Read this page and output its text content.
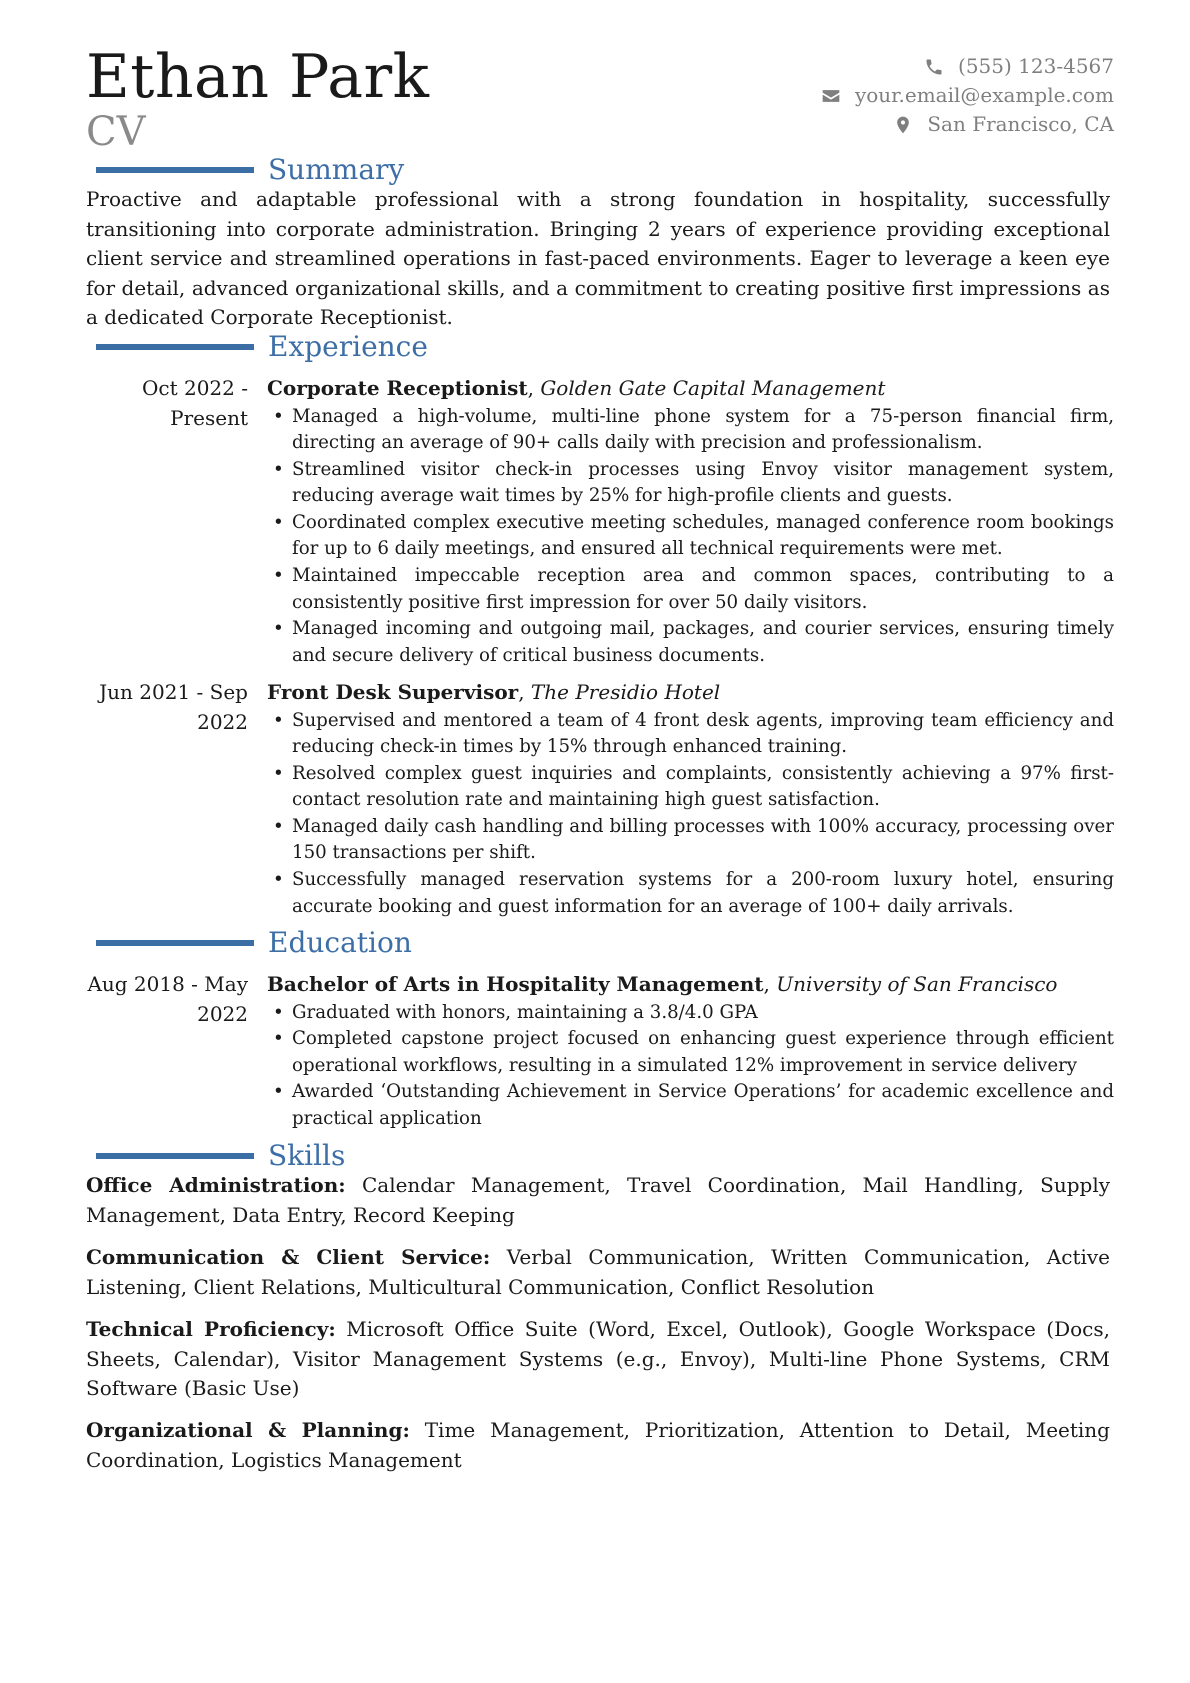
Ethan Park
CV
(555) 123-4567
your.email@example.com
San Francisco, CA
Summary
Proactive and adaptable professional with a strong foundation in hospitality, successfully transitioning into corporate administration. Bringing 2 years of experience providing exceptional client service and streamlined operations in fast-paced environments. Eager to leverage a keen eye for detail, advanced organizational skills, and a commitment to creating positive first impressions as a dedicated Corporate Receptionist.
Experience
Oct 2022 - Present
Corporate Receptionist, Golden Gate Capital Management
• Managed a high-volume, multi-line phone system for a 75-person financial firm, directing an average of 90+ calls daily with precision and professionalism.
• Streamlined visitor check-in processes using Envoy visitor management system, reducing average wait times by 25% for high-profile clients and guests.
• Coordinated complex executive meeting schedules, managed conference room bookings for up to 6 daily meetings, and ensured all technical requirements were met.
• Maintained impeccable reception area and common spaces, contributing to a consistently positive first impression for over 50 daily visitors.
• Managed incoming and outgoing mail, packages, and courier services, ensuring timely and secure delivery of critical business documents.
Jun 2021 - Sep 2022
Front Desk Supervisor, The Presidio Hotel
• Supervised and mentored a team of 4 front desk agents, improving team efficiency and reducing check-in times by 15% through enhanced training.
• Resolved complex guest inquiries and complaints, consistently achieving a 97% first-contact resolution rate and maintaining high guest satisfaction.
• Managed daily cash handling and billing processes with 100% accuracy, processing over 150 transactions per shift.
• Successfully managed reservation systems for a 200-room luxury hotel, ensuring accurate booking and guest information for an average of 100+ daily arrivals.
Education
Aug 2018 - May 2022
Bachelor of Arts in Hospitality Management, University of San Francisco
• Graduated with honors, maintaining a 3.8/4.0 GPA
• Completed capstone project focused on enhancing guest experience through efficient operational workflows, resulting in a simulated 12% improvement in service delivery
• Awarded ‘Outstanding Achievement in Service Operations’ for academic excellence and practical application
Skills
Office Administration: Calendar Management, Travel Coordination, Mail Handling, Supply Management, Data Entry, Record Keeping
Communication & Client Service: Verbal Communication, Written Communication, Active Listening, Client Relations, Multicultural Communication, Conflict Resolution
Technical Proficiency: Microsoft Office Suite (Word, Excel, Outlook), Google Workspace (Docs, Sheets, Calendar), Visitor Management Systems (e.g., Envoy), Multi-line Phone Systems, CRM Software (Basic Use)
Organizational & Planning: Time Management, Prioritization, Attention to Detail, Meeting Coordination, Logistics Management
